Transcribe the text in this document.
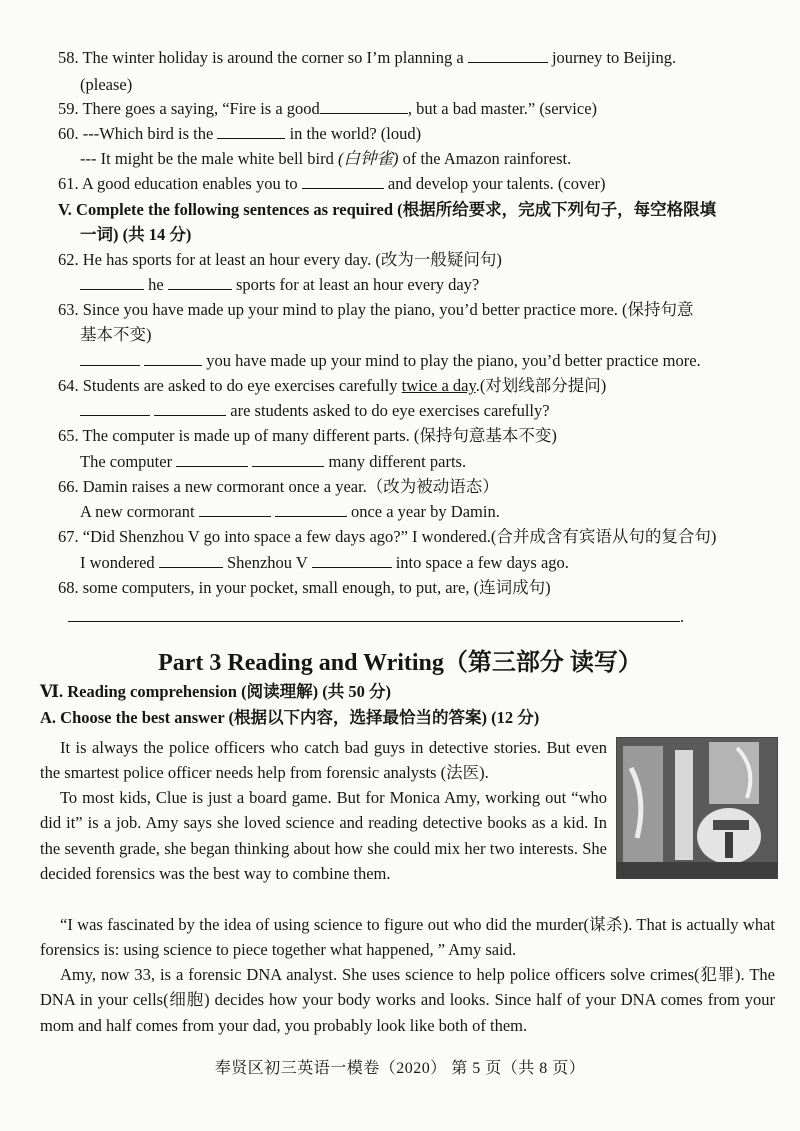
58. The winter holiday is around the corner so I’m planning a	journey to Beijing.
(please)
59. There goes a saying, “Fire is a good	, but a bad master.” (service)
60. ---Which bird is the	in the world? (loud)
--- It might be the male white bell bird (白钟雀) of the Amazon rainforest.
61. A good education enables you to	and develop your talents. (cover)
V. Complete the following sentences as required (根据所给要求，完成下列句子，每空格限填
一词) (共 14 分)
62. He has sports for at least an hour every day. (改为一般疑问句)
he	sports for at least an hour every day?
63. Since you have made up your mind to play the piano, you’d better practice more. (保持句意
基本不变)
you have made up your mind to play the piano, you’d better practice more.
64. Students are asked to do eye exercises carefully twice a day.(对划线部分提问)
are students asked to do eye exercises carefully?
65. The computer is made up of many different parts. (保持句意基本不变)
The computer	many different parts.
66. Damin raises a new cormorant once a year.（改为被动语态）
A new cormorant	once a year by Damin.
67. “Did Shenzhou V go into space a few days ago?” I wondered.(合并成含有宾语从句的复合句)
I wondered	Shenzhou V	into space a few days ago.
68. some computers, in your pocket, small enough, to put, are, (连词成句)
.
Part 3 Reading and Writing（第三部分 读写）
Ⅵ. Reading comprehension (阅读理解) (共 50 分)
A. Choose the best answer (根据以下内容，选择最恰当的答案) (12 分)
It is always the police officers who catch bad guys in detective stories. But even the smartest police officer needs help from forensic analysts (法医).
To most kids, Clue is just a board game. But for Monica Amy, working out “who did it” is a job. Amy says she loved science and reading detective books as a kid. In the seventh grade, she began thinking about how she could mix her two interests. She decided forensics was the best way to combine them.
“I was fascinated by the idea of using science to figure out who did the murder(谋杀). That is actually what forensics is: using science to piece together what happened, ” Amy said.
Amy, now 33, is a forensic DNA analyst. She uses science to help police officers solve crimes(犯罪). The DNA in your cells(细胞) decides how your body works and looks. Since half of your DNA comes from your mom and half comes from your dad, you probably look like both of them.
奉贤区初三英语一模卷（2020） 第 5 页（共 8 页）
